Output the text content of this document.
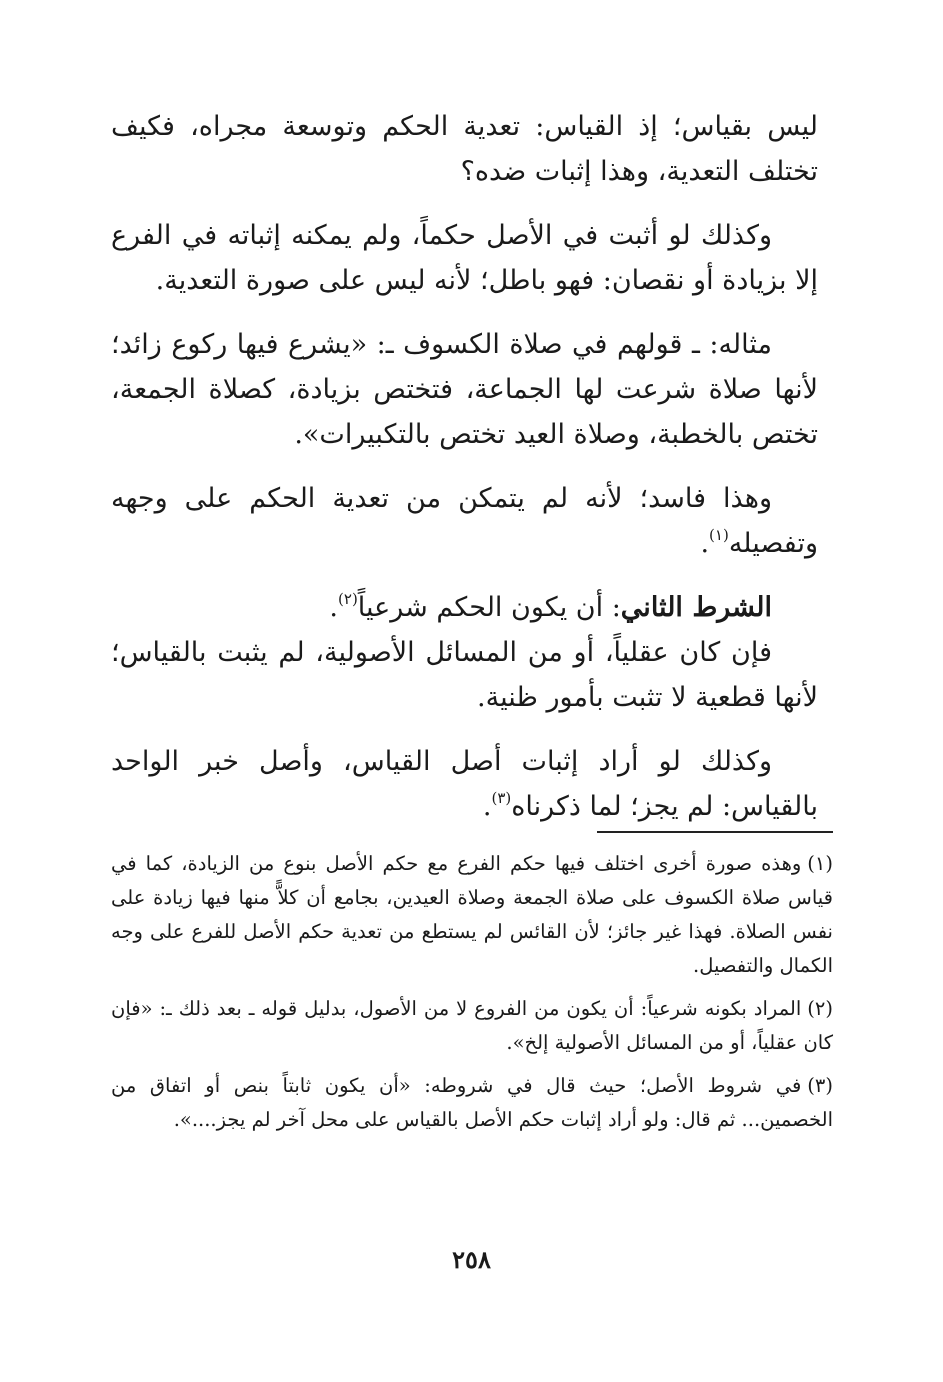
ليس بقياس؛ إذ القياس: تعدية الحكم وتوسعة مجراه، فكيف تختلف التعدية، وهذا إثبات ضده؟

وكذلك لو أثبت في الأصل حكماً، ولم يمكنه إثباته في الفرع إلا بزيادة أو نقصان: فهو باطل؛ لأنه ليس على صورة التعدية.

مثاله: ـ قولهم في صلاة الكسوف ـ: «يشرع فيها ركوع زائد؛ لأنها صلاة شرعت لها الجماعة، فتختص بزيادة، كصلاة الجمعة، تختص بالخطبة، وصلاة العيد تختص بالتكبيرات».

وهذا فاسد؛ لأنه لم يتمكن من تعدية الحكم على وجهه وتفصيله$^{(١)}$.

الشرط الثاني: أن يكون الحكم شرعياً$^{(٢)}$.

فإن كان عقلياً، أو من المسائل الأصولية، لم يثبت بالقياس؛ لأنها قطعية لا تثبت بأمور ظنية.

وكذلك لو أراد إثبات أصل القياس، وأصل خبر الواحد بالقياس: لم يجز؛ لما ذكرناه$^{(٣)}$.

(١)وهذه صورة أخرى اختلف فيها حكم الفرع مع حكم الأصل بنوع من الزيادة، كما في قياس صلاة الكسوف على صلاة الجمعة وصلاة العيدين، بجامع أن كلاًّ منها فيها زيادة على نفس الصلاة. فهذا غير جائز؛ لأن القائس لم يستطع من تعدية حكم الأصل للفرع على وجه الكمال والتفصيل.

(٢)المراد بكونه شرعياً: أن يكون من الفروع لا من الأصول، بدليل قوله ـ بعد ذلك ـ: «فإن كان عقلياً، أو من المسائل الأصولية إلخ».

(٣)في شروط الأصل؛ حيث قال في شروطه: «أن يكون ثابتاً بنص أو اتفاق من الخصمين... ثم قال: ولو أراد إثبات حكم الأصل بالقياس على محل آخر لم يجز....».

٢٥٨
